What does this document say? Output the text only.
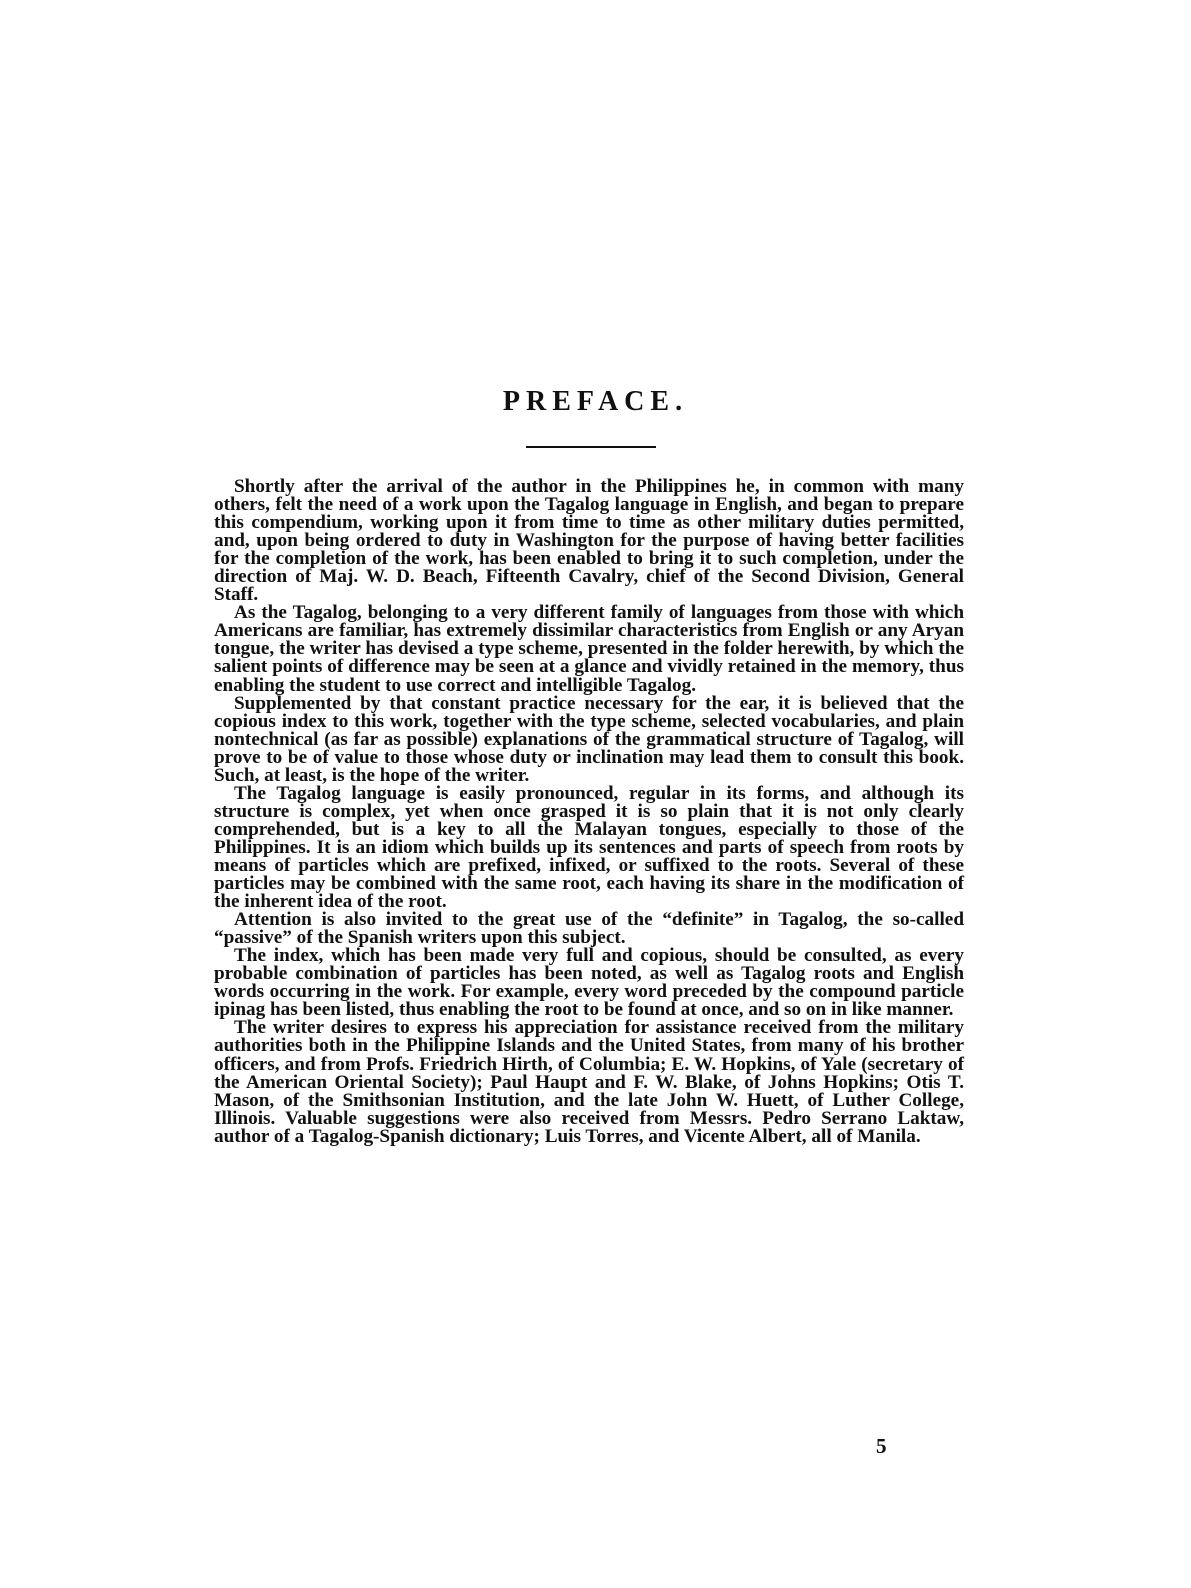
PREFACE.

Shortly after the arrival of the author in the Philippines he, in common with many others, felt the need of a work upon the Tagalog language in English, and began to prepare this compendium, working upon it from time to time as other military duties permitted, and, upon being ordered to duty in Washington for the purpose of having better facilities for the completion of the work, has been enabled to bring it to such completion, under the direction of Maj. W. D. Beach, Fifteenth Cavalry, chief of the Second Division, General Staff.

As the Tagalog, belonging to a very different family of languages from those with which Americans are familiar, has extremely dissimilar characteristics from English or any Aryan tongue, the writer has devised a type scheme, presented in the folder herewith, by which the salient points of difference may be seen at a glance and vividly retained in the memory, thus enabling the student to use correct and intelligible Tagalog.

Supplemented by that constant practice necessary for the ear, it is believed that the copious index to this work, together with the type scheme, selected vocabularies, and plain nontechnical (as far as possible) explanations of the grammatical structure of Tagalog, will prove to be of value to those whose duty or inclination may lead them to consult this book. Such, at least, is the hope of the writer.

The Tagalog language is easily pronounced, regular in its forms, and although its structure is complex, yet when once grasped it is so plain that it is not only clearly comprehended, but is a key to all the Malayan tongues, especially to those of the Philippines. It is an idiom which builds up its sentences and parts of speech from roots by means of particles which are prefixed, infixed, or suffixed to the roots. Several of these particles may be combined with the same root, each having its share in the modification of the inherent idea of the root.

Attention is also invited to the great use of the “definite” in Tagalog, the so-called “passive” of the Spanish writers upon this subject.

The index, which has been made very full and copious, should be consulted, as every probable combination of particles has been noted, as well as Tagalog roots and English words occurring in the work. For example, every word preceded by the compound particle ipinag has been listed, thus enabling the root to be found at once, and so on in like manner.

The writer desires to express his appreciation for assistance received from the military authorities both in the Philippine Islands and the United States, from many of his brother officers, and from Profs. Friedrich Hirth, of Columbia; E. W. Hopkins, of Yale (secretary of the American Oriental Society); Paul Haupt and F. W. Blake, of Johns Hopkins; Otis T. Mason, of the Smithsonian Institution, and the late John W. Huett, of Luther College, Illinois. Valuable suggestions were also received from Messrs. Pedro Serrano Laktaw, author of a Tagalog-Spanish dictionary; Luis Torres, and Vicente Albert, all of Manila.

5
